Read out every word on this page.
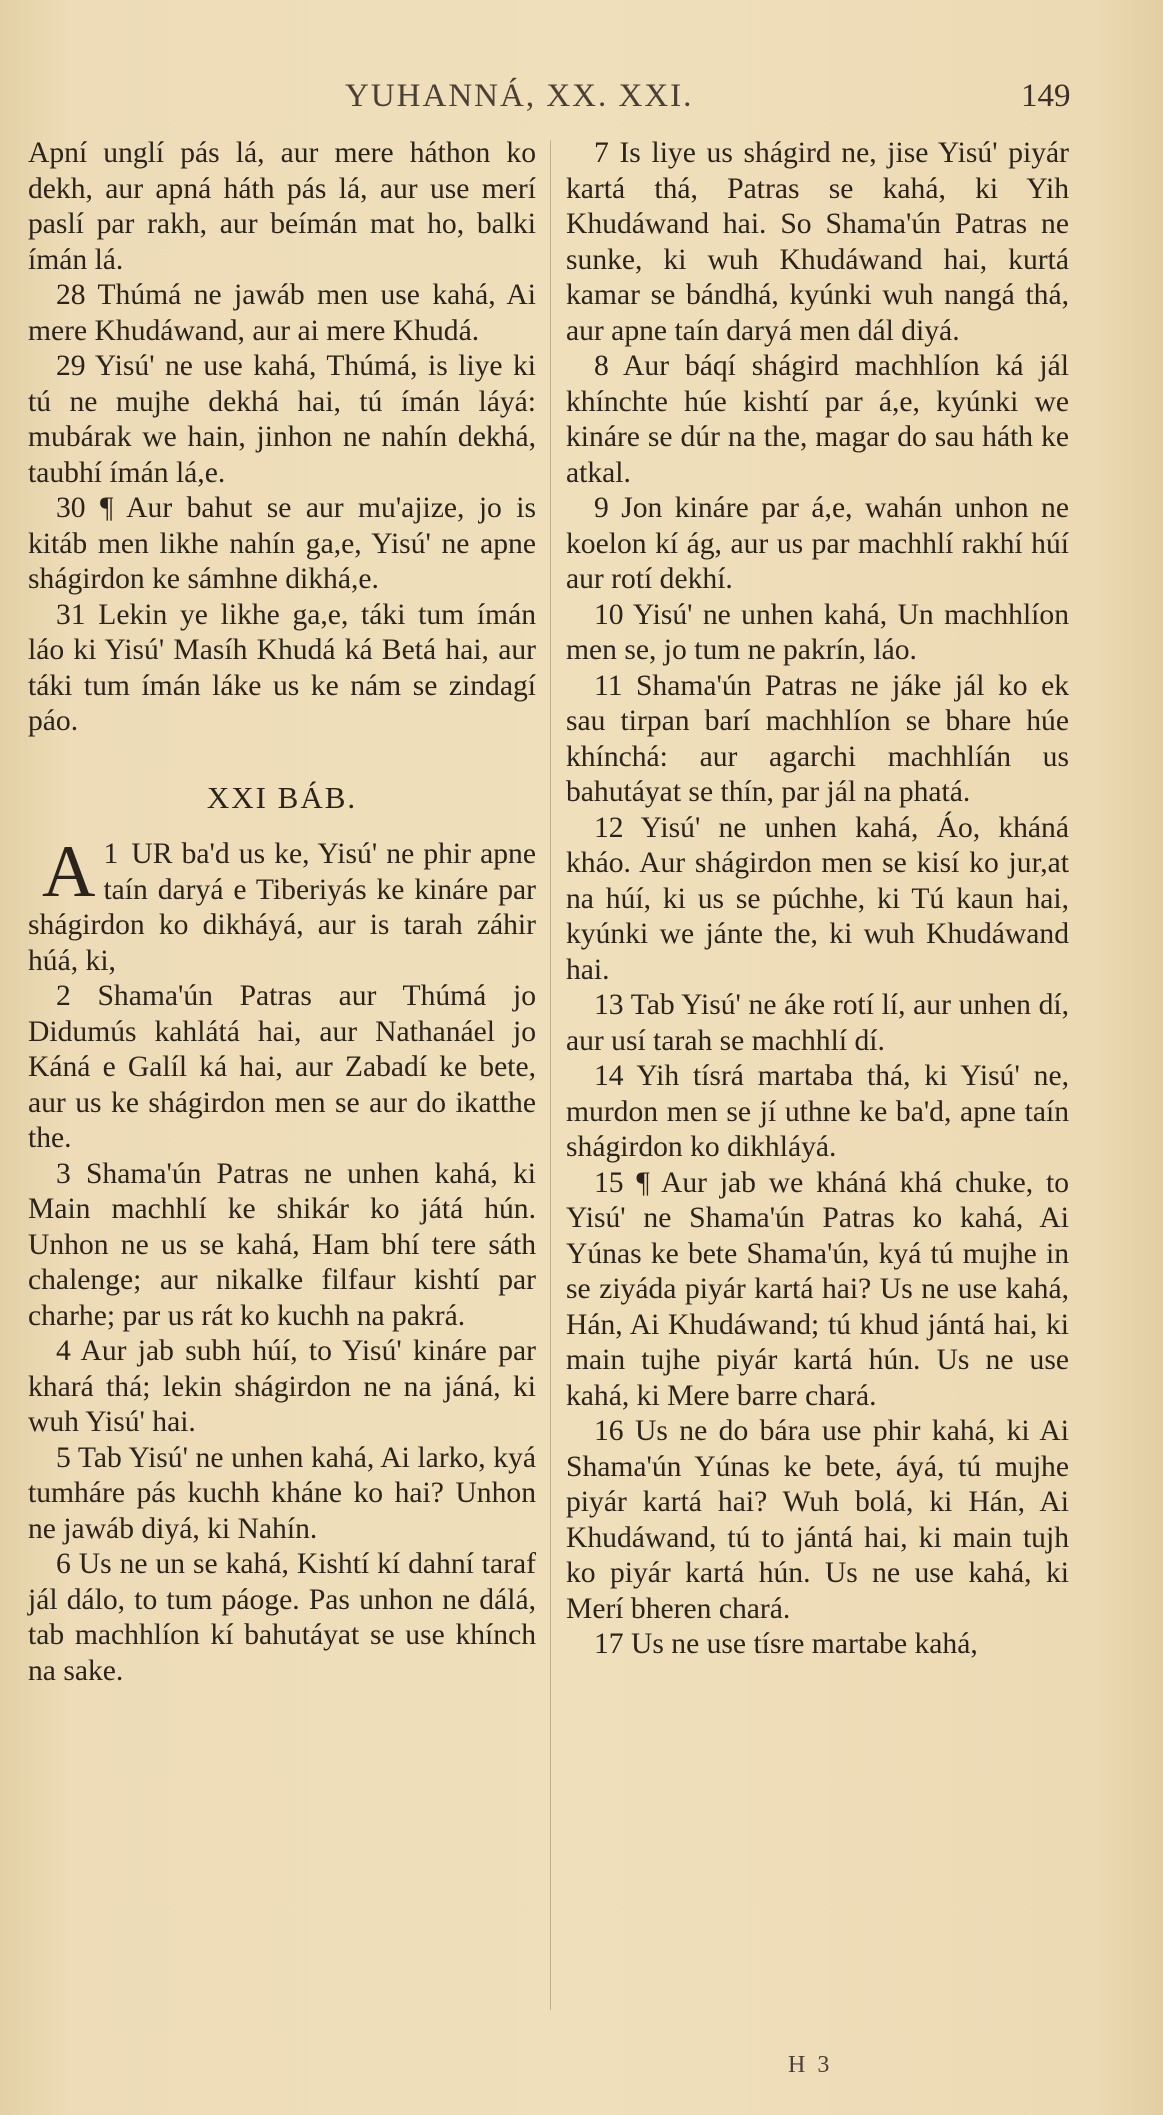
YUHANNÁ, XX. XXI.	149

Apní unglí pás lá, aur mere háthon ko dekh, aur apná háth pás lá, aur use merí paslí par rakh, aur beímán mat ho, balki ímán lá.

28 Thúmá ne jawáb men use kahá, Ai mere Khudáwand, aur ai mere Khudá.

29 Yisú' ne use kahá, Thúmá, is liye ki tú ne mujhe dekhá hai, tú ímán láyá: mubárak we hain, jinhon ne nahín dekhá, taubhí ímán lá,e.

30 ¶ Aur bahut se aur mu'ajize, jo is kitáb men likhe nahín ga,e, Yisú' ne apne shágirdon ke sámhne dikhá,e.

31 Lekin ye likhe ga,e, táki tum ímán láo ki Yisú' Masíh Khudá ká Betá hai, aur táki tum ímán láke us ke nám se zindagí páo.

XXI BÁB.

1
A UR ba'd us ke, Yisú' ne phir apne taín daryá e Tiberiyás ke kináre par shágirdon ko dikháyá, aur is tarah záhir húá, ki,

2 Shama'ún Patras aur Thúmá jo Didumús kahlátá hai, aur Nathanáel jo Káná e Galíl ká hai, aur Zabadí ke bete, aur us ke shágirdon men se aur do ikatthe the.

3 Shama'ún Patras ne unhen kahá, ki Main machhlí ke shikár ko játá hún. Unhon ne us se kahá, Ham bhí tere sáth chalenge; aur nikalke filfaur kishtí par charhe; par us rát ko kuchh na pakrá.

4 Aur jab subh húí, to Yisú' kináre par khará thá; lekin shágirdon ne na jáná, ki wuh Yisú' hai.

5 Tab Yisú' ne unhen kahá, Ai larko, kyá tumháre pás kuchh kháne ko hai? Unhon ne jawáb diyá, ki Nahín.

6 Us ne un se kahá, Kishtí kí dahní taraf jál dálo, to tum páoge. Pas unhon ne dálá, tab machhlíon kí bahutáyat se use khínch na sake.

7 Is liye us shágird ne, jise Yisú' piyár kartá thá, Patras se kahá, ki Yih Khudáwand hai. So Shama'ún Patras ne sunke, ki wuh Khudáwand hai, kurtá kamar se bándhá, kyúnki wuh nangá thá, aur apne taín daryá men dál diyá.

8 Aur báqí shágird machhlíon ká jál khínchte húe kishtí par á,e, kyúnki we kináre se dúr na the, magar do sau háth ke atkal.

9 Jon kináre par á,e, wahán unhon ne koelon kí ág, aur us par machhlí rakhí húí aur rotí dekhí.

10 Yisú' ne unhen kahá, Un machhlíon men se, jo tum ne pakrín, láo.

11 Shama'ún Patras ne jáke jál ko ek sau tirpan barí machhlíon se bhare húe khínchá: aur agarchi machhlíán us bahutáyat se thín, par jál na phatá.

12 Yisú' ne unhen kahá, Áo, kháná kháo. Aur shágirdon men se kisí ko jur,at na húí, ki us se púchhe, ki Tú kaun hai, kyúnki we jánte the, ki wuh Khudáwand hai.

13 Tab Yisú' ne áke rotí lí, aur unhen dí, aur usí tarah se machhlí dí.

14 Yih tísrá martaba thá, ki Yisú' ne, murdon men se jí uthne ke ba'd, apne taín shágirdon ko dikhláyá.

15 ¶ Aur jab we kháná khá chuke, to Yisú' ne Shama'ún Patras ko kahá, Ai Yúnas ke bete Shama'ún, kyá tú mujhe in se ziyáda piyár kartá hai? Us ne use kahá, Hán, Ai Khudáwand; tú khud jántá hai, ki main tujhe piyár kartá hún. Us ne use kahá, ki Mere barre chará.

16 Us ne do bára use phir kahá, ki Ai Shama'ún Yúnas ke bete, áyá, tú mujhe piyár kartá hai? Wuh bolá, ki Hán, Ai Khudáwand, tú to jántá hai, ki main tujh ko piyár kartá hún. Us ne use kahá, ki Merí bheren chará.

17 Us ne use tísre martabe kahá,

H 3
